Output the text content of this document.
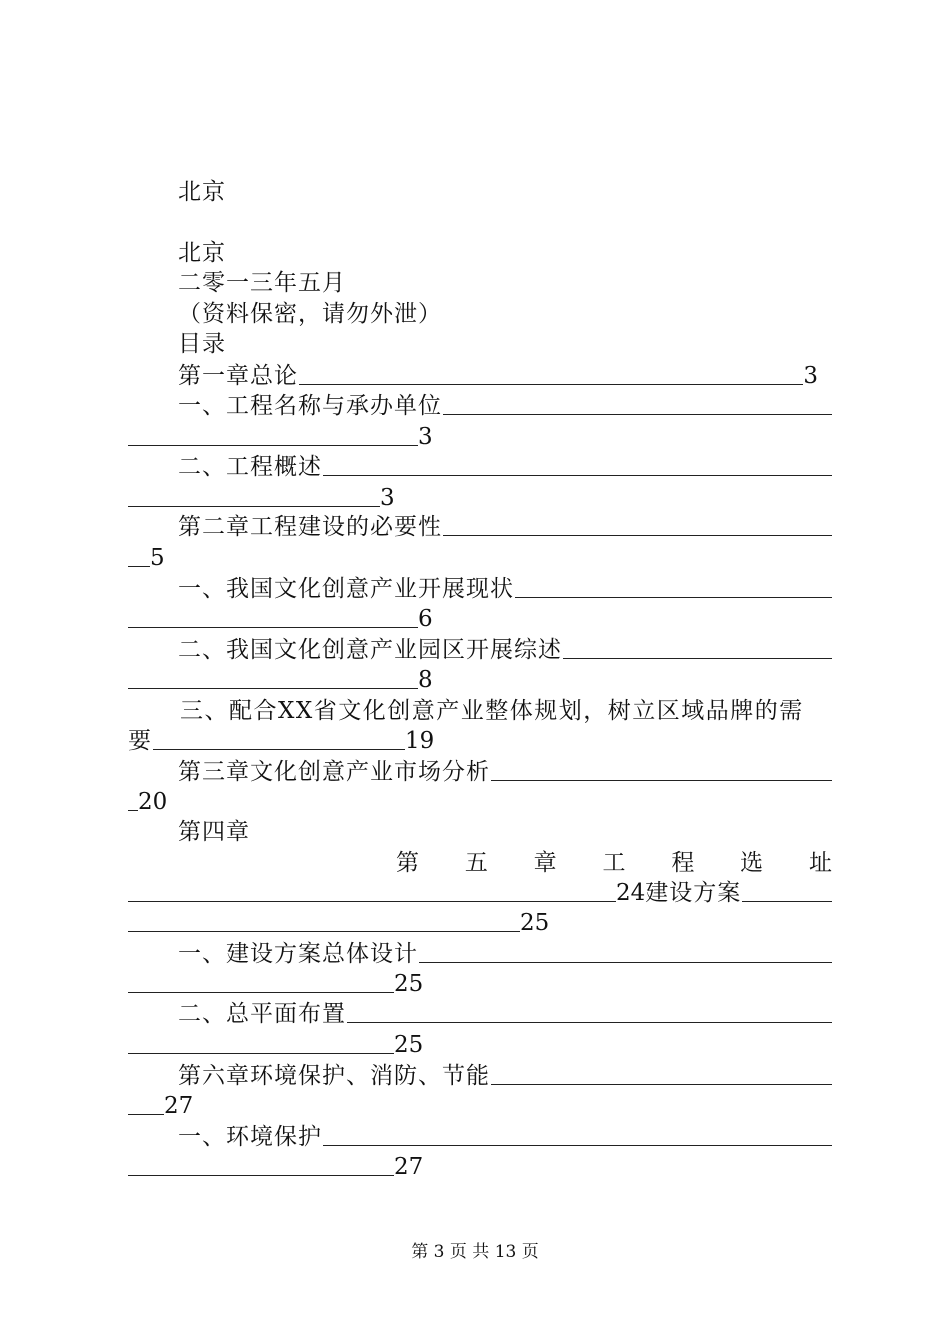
北京
北京
二零一三年五月
（资料保密，请勿外泄）
目录
第一章总论	3
一、工程名称与承办单位
3
二、工程概述
3
第二章工程建设的必要性
5
一、我国文化创意产业开展现状
6
二、我国文化创意产业园区开展综述
8
三、配合XX省文化创意产业整体规划，树立区域品牌的需
要	19
第三章文化创意产业市场分析
20
第四章
第 五 章 工 程 选 址
24 建设方案
25
一、建设方案总体设计
25
二、总平面布置
25
第六章环境保护、消防、节能
27
一、环境保护
27
第 3 页 共 13 页
